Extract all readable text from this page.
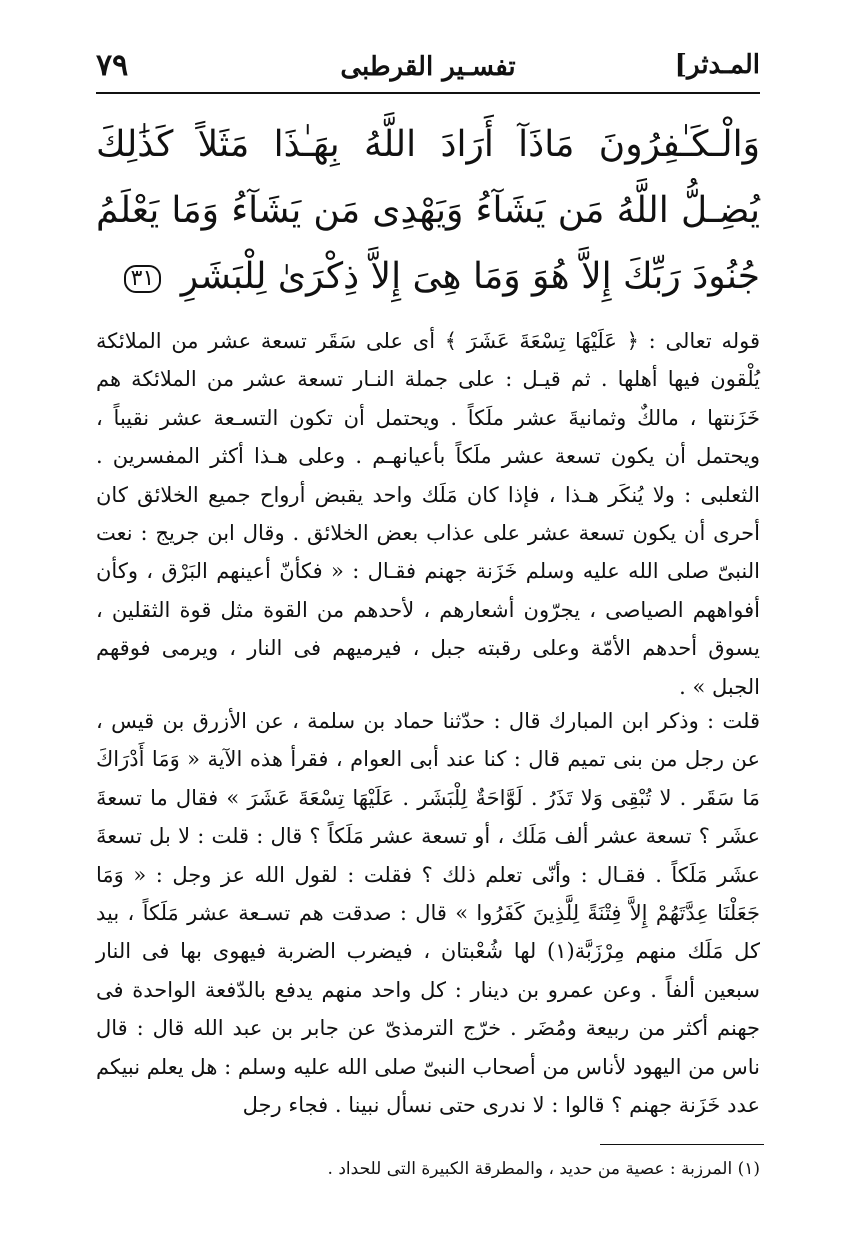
٧٩	تفسـير القرطبى	المـدثر]
وَالْـكَـٰفِرُونَ مَاذَآ أَرَادَ اللَّهُ بِهَـٰذَا مَثَلاً كَذَٰلِكَ يُضِـلُّ اللَّهُ مَن يَشَآءُ وَيَهْدِى مَن يَشَآءُ وَمَا يَعْلَمُ جُنُودَ رَبِّكَ إِلاَّ هُوَ وَمَا هِىَ إِلاَّ ذِكْرَىٰ لِلْبَشَرِ ٣١
قوله تعالى : ﴿ عَلَيْهَا تِسْعَةَ عَشَرَ ﴾ أى على سَقَر تسعة عشر من الملائكة يُلْقون فيها أهلها . ثم قيـل : على جملة النـار تسعة عشر من الملائكة هم خَزَنتها ، مالكٌ وثمانيةَ عشر ملَكاً . ويحتمل أن تكون التسـعة عشر نقيباً ، ويحتمل أن يكون تسعة عشر ملَكاً بأعيانهـم . وعلى هـذا أكثر المفسرين . الثعلبى : ولا يُنكَر هـذا ، فإذا كان مَلَك واحد يقبض أرواح جميع الخلائق كان أحرى أن يكون تسعة عشر على عذاب بعض الخلائق . وقال ابن جريج : نعت النبىّ صلى الله عليه وسلم خَزَنة جهنم فقـال : « فكأنّ أعينهم البَرْق ، وكأن أفواههم الصياصى ، يجرّون أشعارهم ، لأحدهم من القوة مثل قوة الثقلين ، يسوق أحدهم الأمّة وعلى رقبته جبل ، فيرميهم فى النار ، ويرمى فوقهم الجبل » .
قلت : وذكر ابن المبارك قال : حدّثنا حماد بن سلمة ، عن الأزرق بن قيس ، عن رجل من بنى تميم قال : كنا عند أبى العوام ، فقرأ هذه الآية « وَمَا أَدْرَاكَ مَا سَقَر . لا تُبْقِى وَلا تَذَرُ . لَوَّاحَةٌ لِلْبَشَر . عَلَيْهَا تِسْعَةَ عَشَرَ » فقال ما تسعةَ عشَر ؟ تسعة عشر ألف مَلَك ، أو تسعة عشر مَلَكاً ؟ قال : قلت : لا بل تسعةَ عشَر مَلَكاً . فقـال : وأنّى تعلم ذلك ؟ فقلت : لقول الله عز وجل : « وَمَا جَعَلْنَا عِدَّتَهُمْ إِلاَّ فِتْنَةً لِلَّذِينَ كَفَرُوا » قال : صدقت هم تسـعة عشر مَلَكاً ، بيد كل مَلَك منهم مِرْزَبَّة(١) لها شُعْبتان ، فيضرب الضربة فيهوى بها فى النار سبعين ألفاً . وعن عمرو بن دينار : كل واحد منهم يدفع بالدّفعة الواحدة فى جهنم أكثر من ربيعة ومُضَر . خرّج الترمذىّ عن جابر بن عبد الله قال : قال ناس من اليهود لأناس من أصحاب النبىّ صلى الله عليه وسلم : هل يعلم نبيكم عدد خَزَنة جهنم ؟ قالوا : لا ندرى حتى نسأل نبينا . فجاء رجل
(١) المرزبة : عصية من حديد ، والمطرقة الكبيرة التى للحداد .
